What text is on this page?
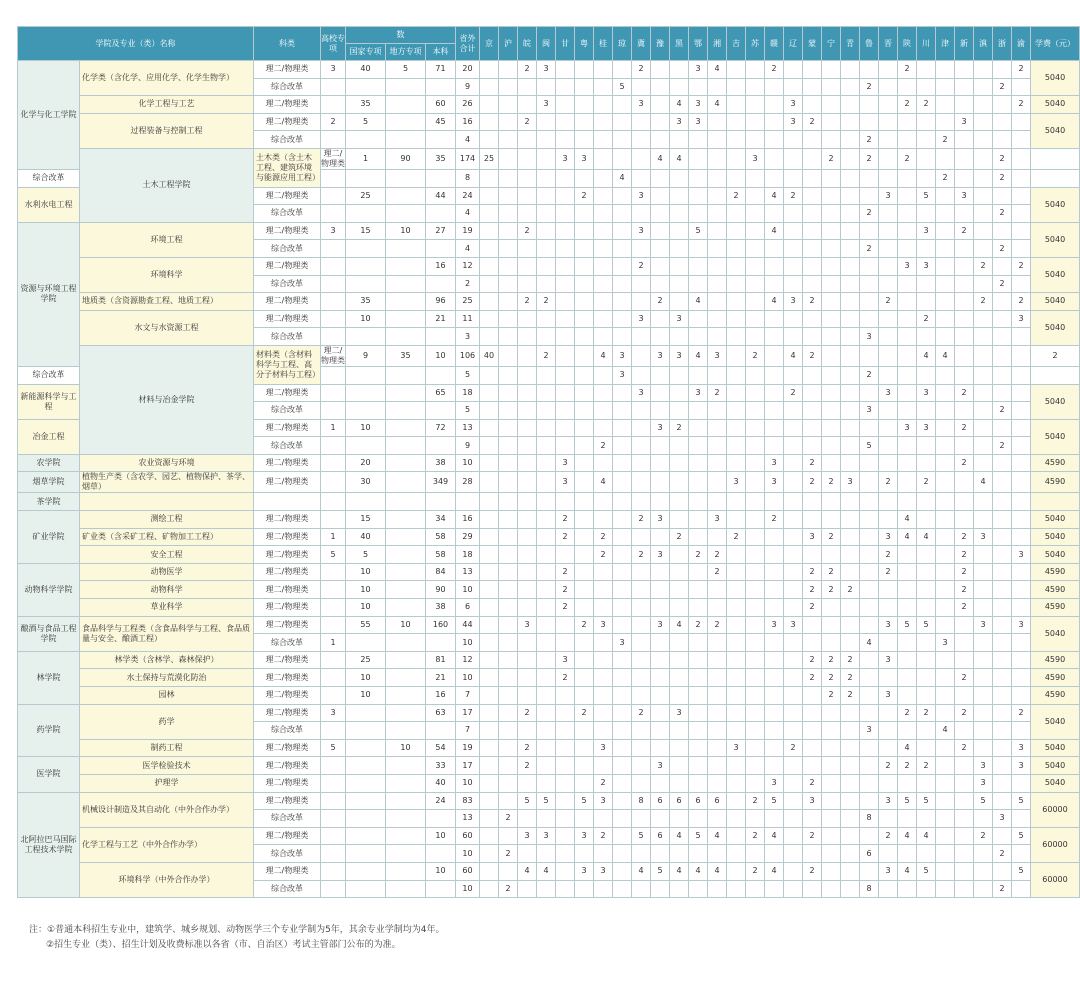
学院及专业（类）名称		科类	高校专项	数			省外合计	京	沪	皖	闽	甘	粤	桂	琼	冀	豫	黑	鄂	湘	吉	苏	赣	辽	蒙	宁	青	鲁	晋	陕	川	津	新	滇	浙	渝	学费（元）	
				国家专项	地方专项	本科																																
化学与化工学院	化学类（含化学、应用化学、化学生物学）	理二/物理类	3	40	5	71	20			2	3					2			3	4			2							2						2	5040	
		综合改革					9								5													2							2			
	化学工程与工艺	理二/物理类		35		60	26				3					3		4	3	4				3						2	2					2	5040	
	过程装备与控制工程	理二/物理类	2	5		45	16			2								3	3					3	2								3				5040	
		综合改革					4																					2				2						
	土木工程学院	土木类（含土木工程、建筑环境与能源应用工程）	理二/物理类	1	90	35	174	25				3	3				4	4				3				2		2		2					2			
综合改革							8								4																	2			2			
水利水电工程		理二/物理类		25		44	24						2			3					2		4	2					3		5		3				5040	
		综合改革					4																					2							2			
资源与环境工程学院	环境工程	理二/物理类	3	15	10	27	19			2						3			5				4								3		2				5040	
		综合改革					4																					2							2			
	环境科学	理二/物理类				16	12									2														3	3			2		2	5040	
		综合改革					2																												2			
	地质类（含资源勘查工程、地质工程）	理二/物理类		35		96	25			2	2						2		4				4	3	2				2					2		2	5040	
	水文与水资源工程	理二/物理类		10		21	11									3		3													2					3	5040	
		综合改革					3																					3										
	材料与冶金学院	材料类（含材料科学与工程、高分子材料与工程）	理二/物理类	9	35	10	106	40			2			4	3		3	3	4	3		2		4	2						4	4					2	
综合改革							5								3													2										
新能源科学与工程		理二/物理类				65	18									3			3	2				2					3		3		2				5040	
		综合改革					5																					3							2			
冶金工程		理二/物理类	1	10		72	13										3	2												3	3		2				5040	
		综合改革					9							2														5							2			
农学院	农业资源与环境	理二/物理类		20		38	10					3											3		2								2				4590	
烟草学院	植物生产类（含农学、园艺、植物保护、茶学、烟草）	理二/物理类		30		349	28					3		4							3		3		2	2	3		2		2			4			4590	
茶学院																																						
矿业学院	测绘工程	理二/物理类		15		34	16					2				2	3			3			2							4							5040	
	矿业类（含采矿工程、矿物加工工程）	理二/物理类	1	40		58	29					2		2				2			2				3	2			3	4	4		2	3			5040	
	安全工程	理二/物理类	5	5		58	18							2		2	3		2	2									2				2			3	5040	
动物科学学院	动物医学	理二/物理类		10		84	13					2								2					2	2			2				2				4590	
	动物科学	理二/物理类		10		90	10					2													2	2	2						2				4590	
	草业科学	理二/物理类		10		38	6					2													2								2				4590	
酿酒与食品工程学院	食品科学与工程类（含食品科学与工程、食品质量与安全、酿酒工程）	理二/物理类		55	10	160	44			3			2	3			3	4	2	2			3	3					3	5	5			3		3	5040	
		综合改革	1				10								3													4				3						
林学院	林学类（含林学、森林保护）	理二/物理类		25		81	12					3													2	2	2		3								4590	
	水土保持与荒漠化防治	理二/物理类		10		21	10					2													2	2	2						2				4590	
	园林	理二/物理类		10		16	7																			2	2		3								4590	
药学院	药学	理二/物理类	3			63	17			2			2			2		3												2	2		2			2	5040	
		综合改革					7																					3				4						
	制药工程	理二/物理类	5		10	54	19			2				3							3			2						4			2			3	5040	
医学院	医学检验技术	理二/物理类				33	17			2							3												2	2	2			3		3	5040	
	护理学	理二/物理类				40	10							2									3		2									3			5040	
北阿拉巴马国际工程技术学院	机械设计制造及其自动化（中外合作办学）	理二/物理类				24	83			5	5		5	3		8	6	6	6	6		2	5		3				3	5	5			5		5	60000	
		综合改革					13		2																			8							3			
	化学工程与工艺（中外合作办学）	理二/物理类				10	60			3	3		3	2		5	6	4	5	4		2	4		2				2	4	4			2		5	60000	
		综合改革					10		2																			6							2			
	环境科学（中外合作办学）	理二/物理类				10	60			4	4		3	3		4	5	4	4	4		2	4		2				3	4	5					5	60000	
		综合改革					10		2																			8							2			
注：①普通本科招生专业中，建筑学、城乡规划、动物医学三个专业学制为5年，其余专业学制均为4年。
②招生专业（类）、招生计划及收费标准以各省（市、自治区）考试主管部门公布的为准。
